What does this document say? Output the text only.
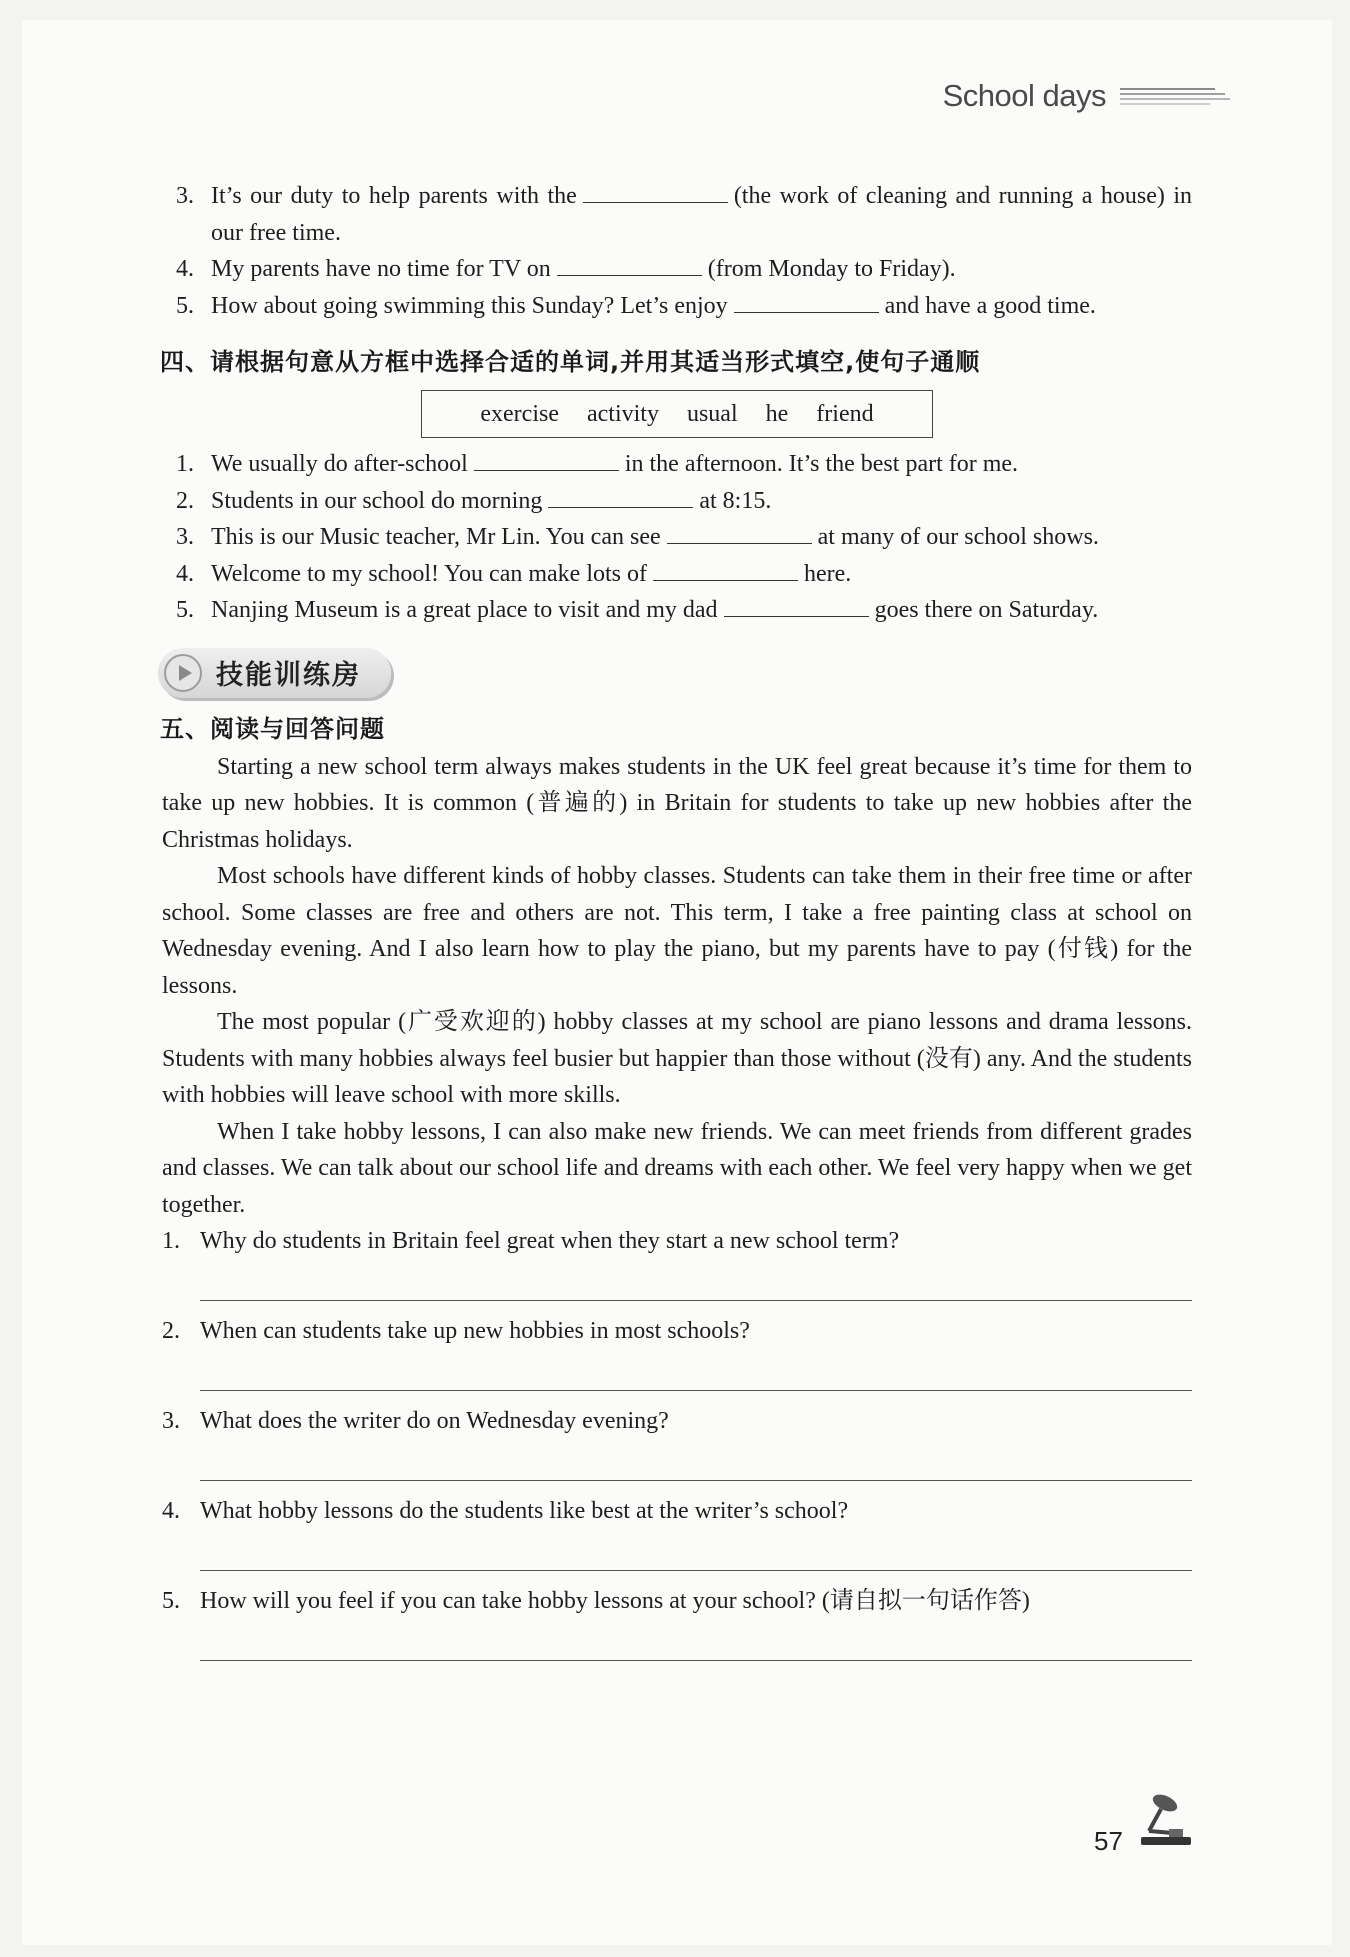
School days
3. It’s our duty to help parents with the	(the work of cleaning and running a house) in our free time.
4. My parents have no time for TV on	(from Monday to Friday).
5. How about going swimming this Sunday? Let’s enjoy	and have a good time.
四、请根据句意从方框中选择合适的单词,并用其适当形式填空,使句子通顺
exercise activity usual he friend
1. We usually do after-school	in the afternoon. It’s the best part for me.
2. Students in our school do morning	at 8:15.
3. This is our Music teacher, Mr Lin. You can see	at many of our school shows.
4. Welcome to my school! You can make lots of	here.
5. Nanjing Museum is a great place to visit and my dad	goes there on Saturday.
技能训练房
五、阅读与回答问题

Starting a new school term always makes students in the UK feel great because it’s time for them to take up new hobbies. It is common (普遍的) in Britain for students to take up new hobbies after the Christmas holidays.

Most schools have different kinds of hobby classes. Students can take them in their free time or after school. Some classes are free and others are not. This term, I take a free painting class at school on Wednesday evening. And I also learn how to play the piano, but my parents have to pay (付钱) for the lessons.

The most popular (广受欢迎的) hobby classes at my school are piano lessons and drama lessons. Students with many hobbies always feel busier but happier than those without (没有) any. And the students with hobbies will leave school with more skills.

When I take hobby lessons, I can also make new friends. We can meet friends from different grades and classes. We can talk about our school life and dreams with each other. We feel very happy when we get together.

1. Why do students in Britain feel great when they start a new school term?
2. When can students take up new hobbies in most schools?
3. What does the writer do on Wednesday evening?
4. What hobby lessons do the students like best at the writer’s school?
5. How will you feel if you can take hobby lessons at your school? (请自拟一句话作答)
57
